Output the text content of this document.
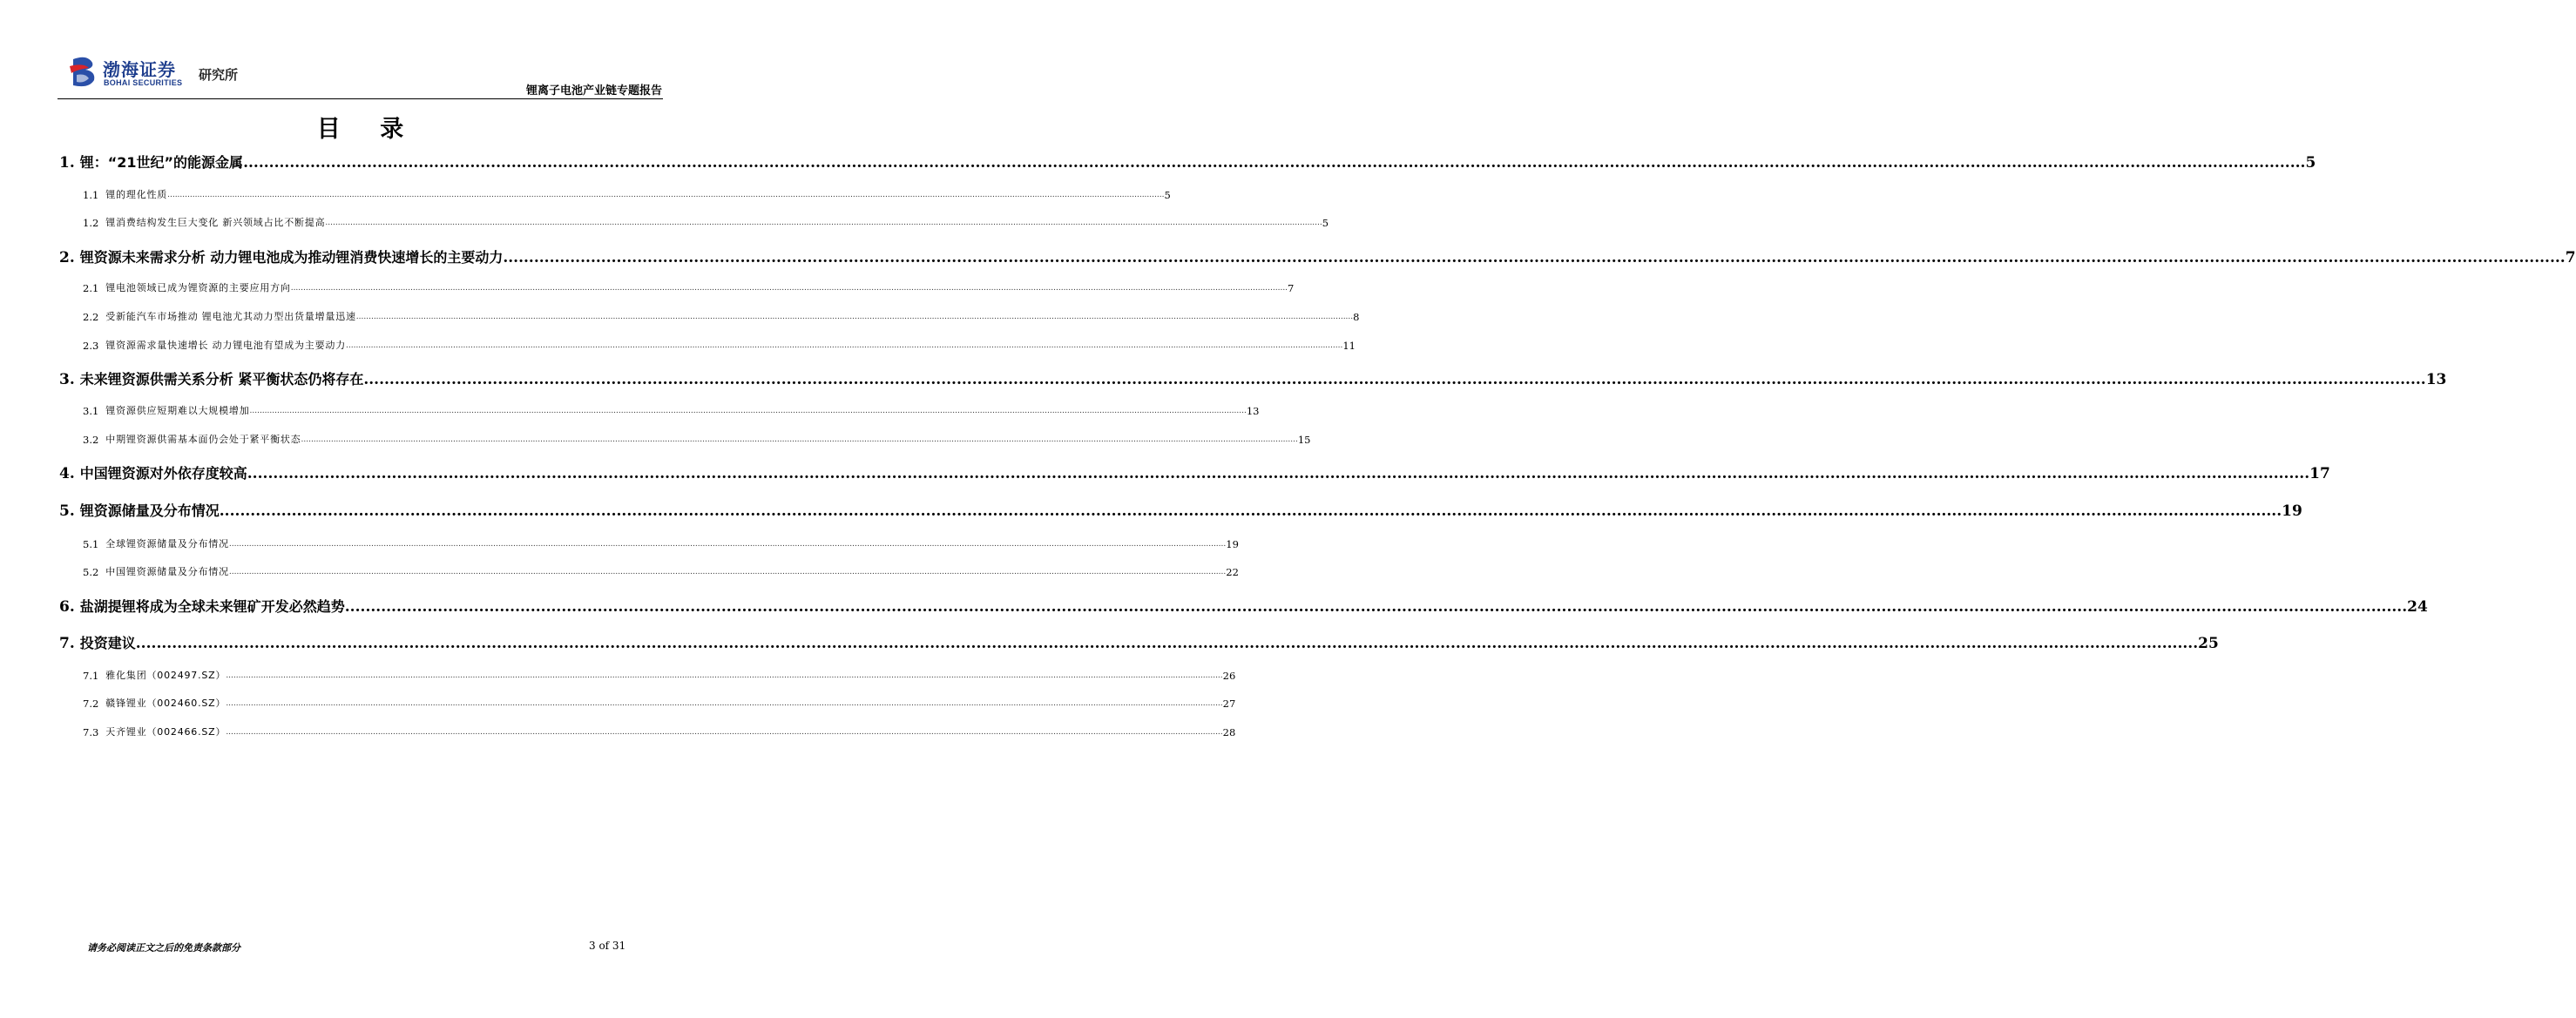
渤海证券
BOHAI SECURITIES 研究所
锂离子电池产业链专题报告
目 录
1. 锂：“21世纪”的能源金属 ................................................................................................................................................................................................................................................................................................................................................................................................................ 5
1.1 锂的理化性质 ................................................................................................................................................................................................................................................................................................................................................................................................................ 5
1.2 锂消费结构发生巨大变化 新兴领域占比不断提高 ................................................................................................................................................................................................................................................................................................................................................................................................................ 5
2. 锂资源未来需求分析 动力锂电池成为推动锂消费快速增长的主要动力 ................................................................................................................................................................................................................................................................................................................................................................................................................ 7
2.1 锂电池领域已成为锂资源的主要应用方向 ................................................................................................................................................................................................................................................................................................................................................................................................................ 7
2.2 受新能汽车市场推动 锂电池尤其动力型出货量增量迅速 ................................................................................................................................................................................................................................................................................................................................................................................................................ 8
2.3 锂资源需求量快速增长 动力锂电池有望成为主要动力 ................................................................................................................................................................................................................................................................................................................................................................................................................ 11
3. 未来锂资源供需关系分析 紧平衡状态仍将存在 ................................................................................................................................................................................................................................................................................................................................................................................................................ 13
3.1 锂资源供应短期难以大规模增加 ................................................................................................................................................................................................................................................................................................................................................................................................................ 13
3.2 中期锂资源供需基本面仍会处于紧平衡状态 ................................................................................................................................................................................................................................................................................................................................................................................................................ 15
4. 中国锂资源对外依存度较高 ................................................................................................................................................................................................................................................................................................................................................................................................................ 17
5. 锂资源储量及分布情况 ................................................................................................................................................................................................................................................................................................................................................................................................................ 19
5.1 全球锂资源储量及分布情况 ................................................................................................................................................................................................................................................................................................................................................................................................................ 19
5.2 中国锂资源储量及分布情况 ................................................................................................................................................................................................................................................................................................................................................................................................................ 22
6. 盐湖提锂将成为全球未来锂矿开发必然趋势 ................................................................................................................................................................................................................................................................................................................................................................................................................ 24
7. 投资建议 ................................................................................................................................................................................................................................................................................................................................................................................................................ 25
7.1 雅化集团（002497.SZ） ................................................................................................................................................................................................................................................................................................................................................................................................................ 26
7.2 赣锋锂业（002460.SZ） ................................................................................................................................................................................................................................................................................................................................................................................................................ 27
7.3 天齐锂业（002466.SZ） ................................................................................................................................................................................................................................................................................................................................................................................................................ 28
请务必阅读正文之后的免责条款部分	3 of 31
